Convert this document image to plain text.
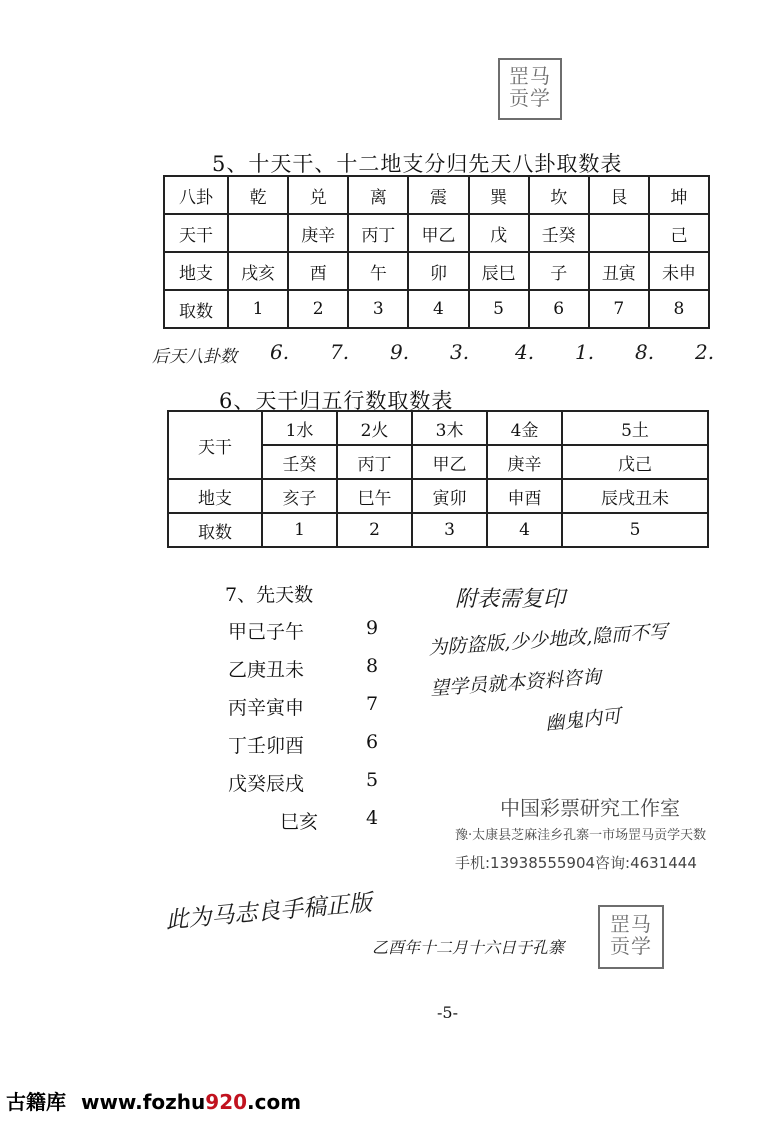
罡马
贡学
5、十天干、十二地支分归先天八卦取数表
八卦	乾	兑	离	震	巽	坎	艮	坤
天干		庚辛	丙丁	甲乙	戊	壬癸		己
地支	戌亥	酉	午	卯	辰巳	子	丑寅	未申
取数	1	2	3	4	5	6	7	8
后天八卦数 6. 7. 9. 3. 4. 1. 8. 2.
6、天干归五行数取数表
天干	1水	2火	3木	4金	5土
	壬癸	丙丁	甲乙	庚辛	戊己
地支	亥子	巳午	寅卯	申酉	辰戌丑未
取数	1	2	3	4	5
7、先天数
甲己子午	9
乙庚丑未	8
丙辛寅申	7
丁壬卯酉	6
戊癸辰戌	5
巳亥	4
附表需复印
为防盗版,少少地改,隐而不写
望学员就本资料咨询
幽鬼内可
中国彩票研究工作室
豫·太康县芝麻洼乡孔寨一市场罡马贡学天数
手机:13938555904咨询:4631444
此为马志良手稿正版
乙酉年十二月十六日于孔寨
罡马
贡学
-5-
古籍库 www.fozhu920.com
